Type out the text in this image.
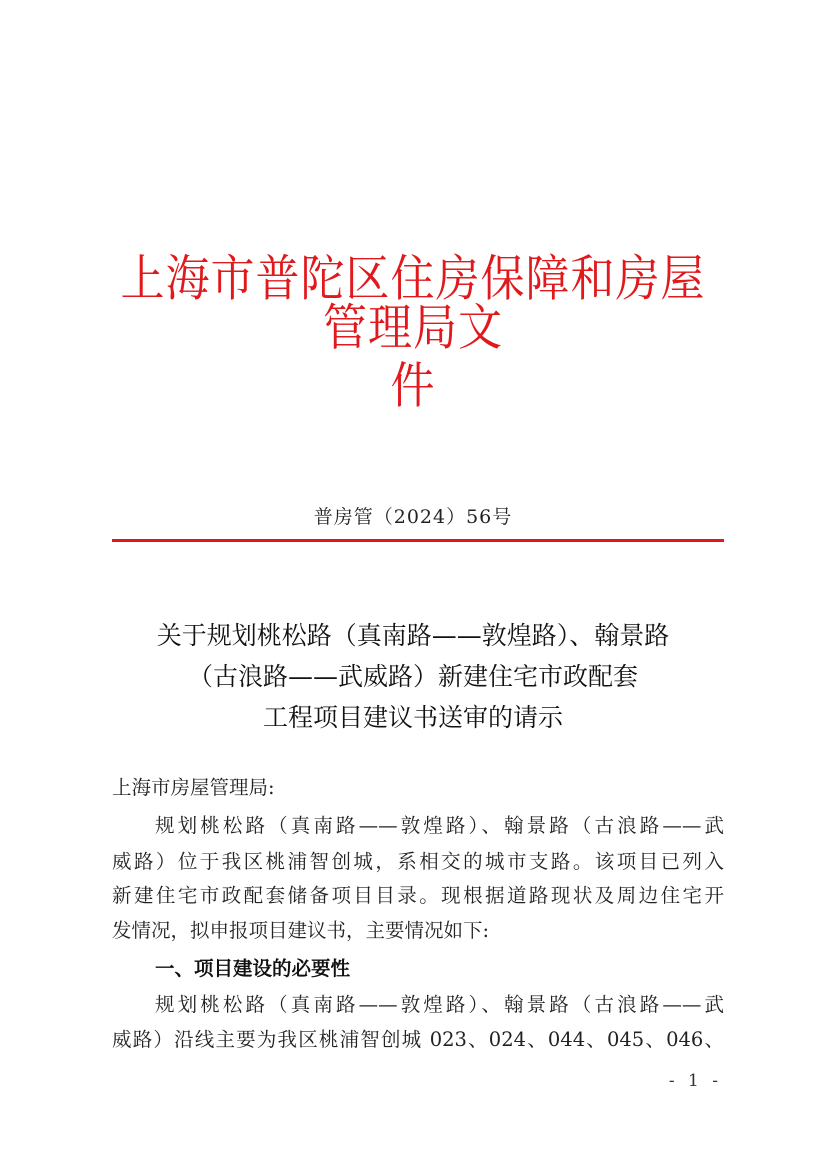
上海市普陀区住房保障和房屋管理局文
件
普房管（2024）56号
关于规划桃松路（真南路——敦煌路）、翰景路
（古浪路——武威路）新建住宅市政配套
工程项目建议书送审的请示
上海市房屋管理局:
规划桃松路（真南路——敦煌路）、翰景路（古浪路——武
威路）位于我区桃浦智创城，系相交的城市支路。该项目已列入
新建住宅市政配套储备项目目录。现根据道路现状及周边住宅开
发情况，拟申报项目建议书，主要情况如下:
一、项目建设的必要性
规划桃松路（真南路——敦煌路）、翰景路（古浪路——武
威路）沿线主要为我区桃浦智创城 023、024、044、045、046、
- 1 -
